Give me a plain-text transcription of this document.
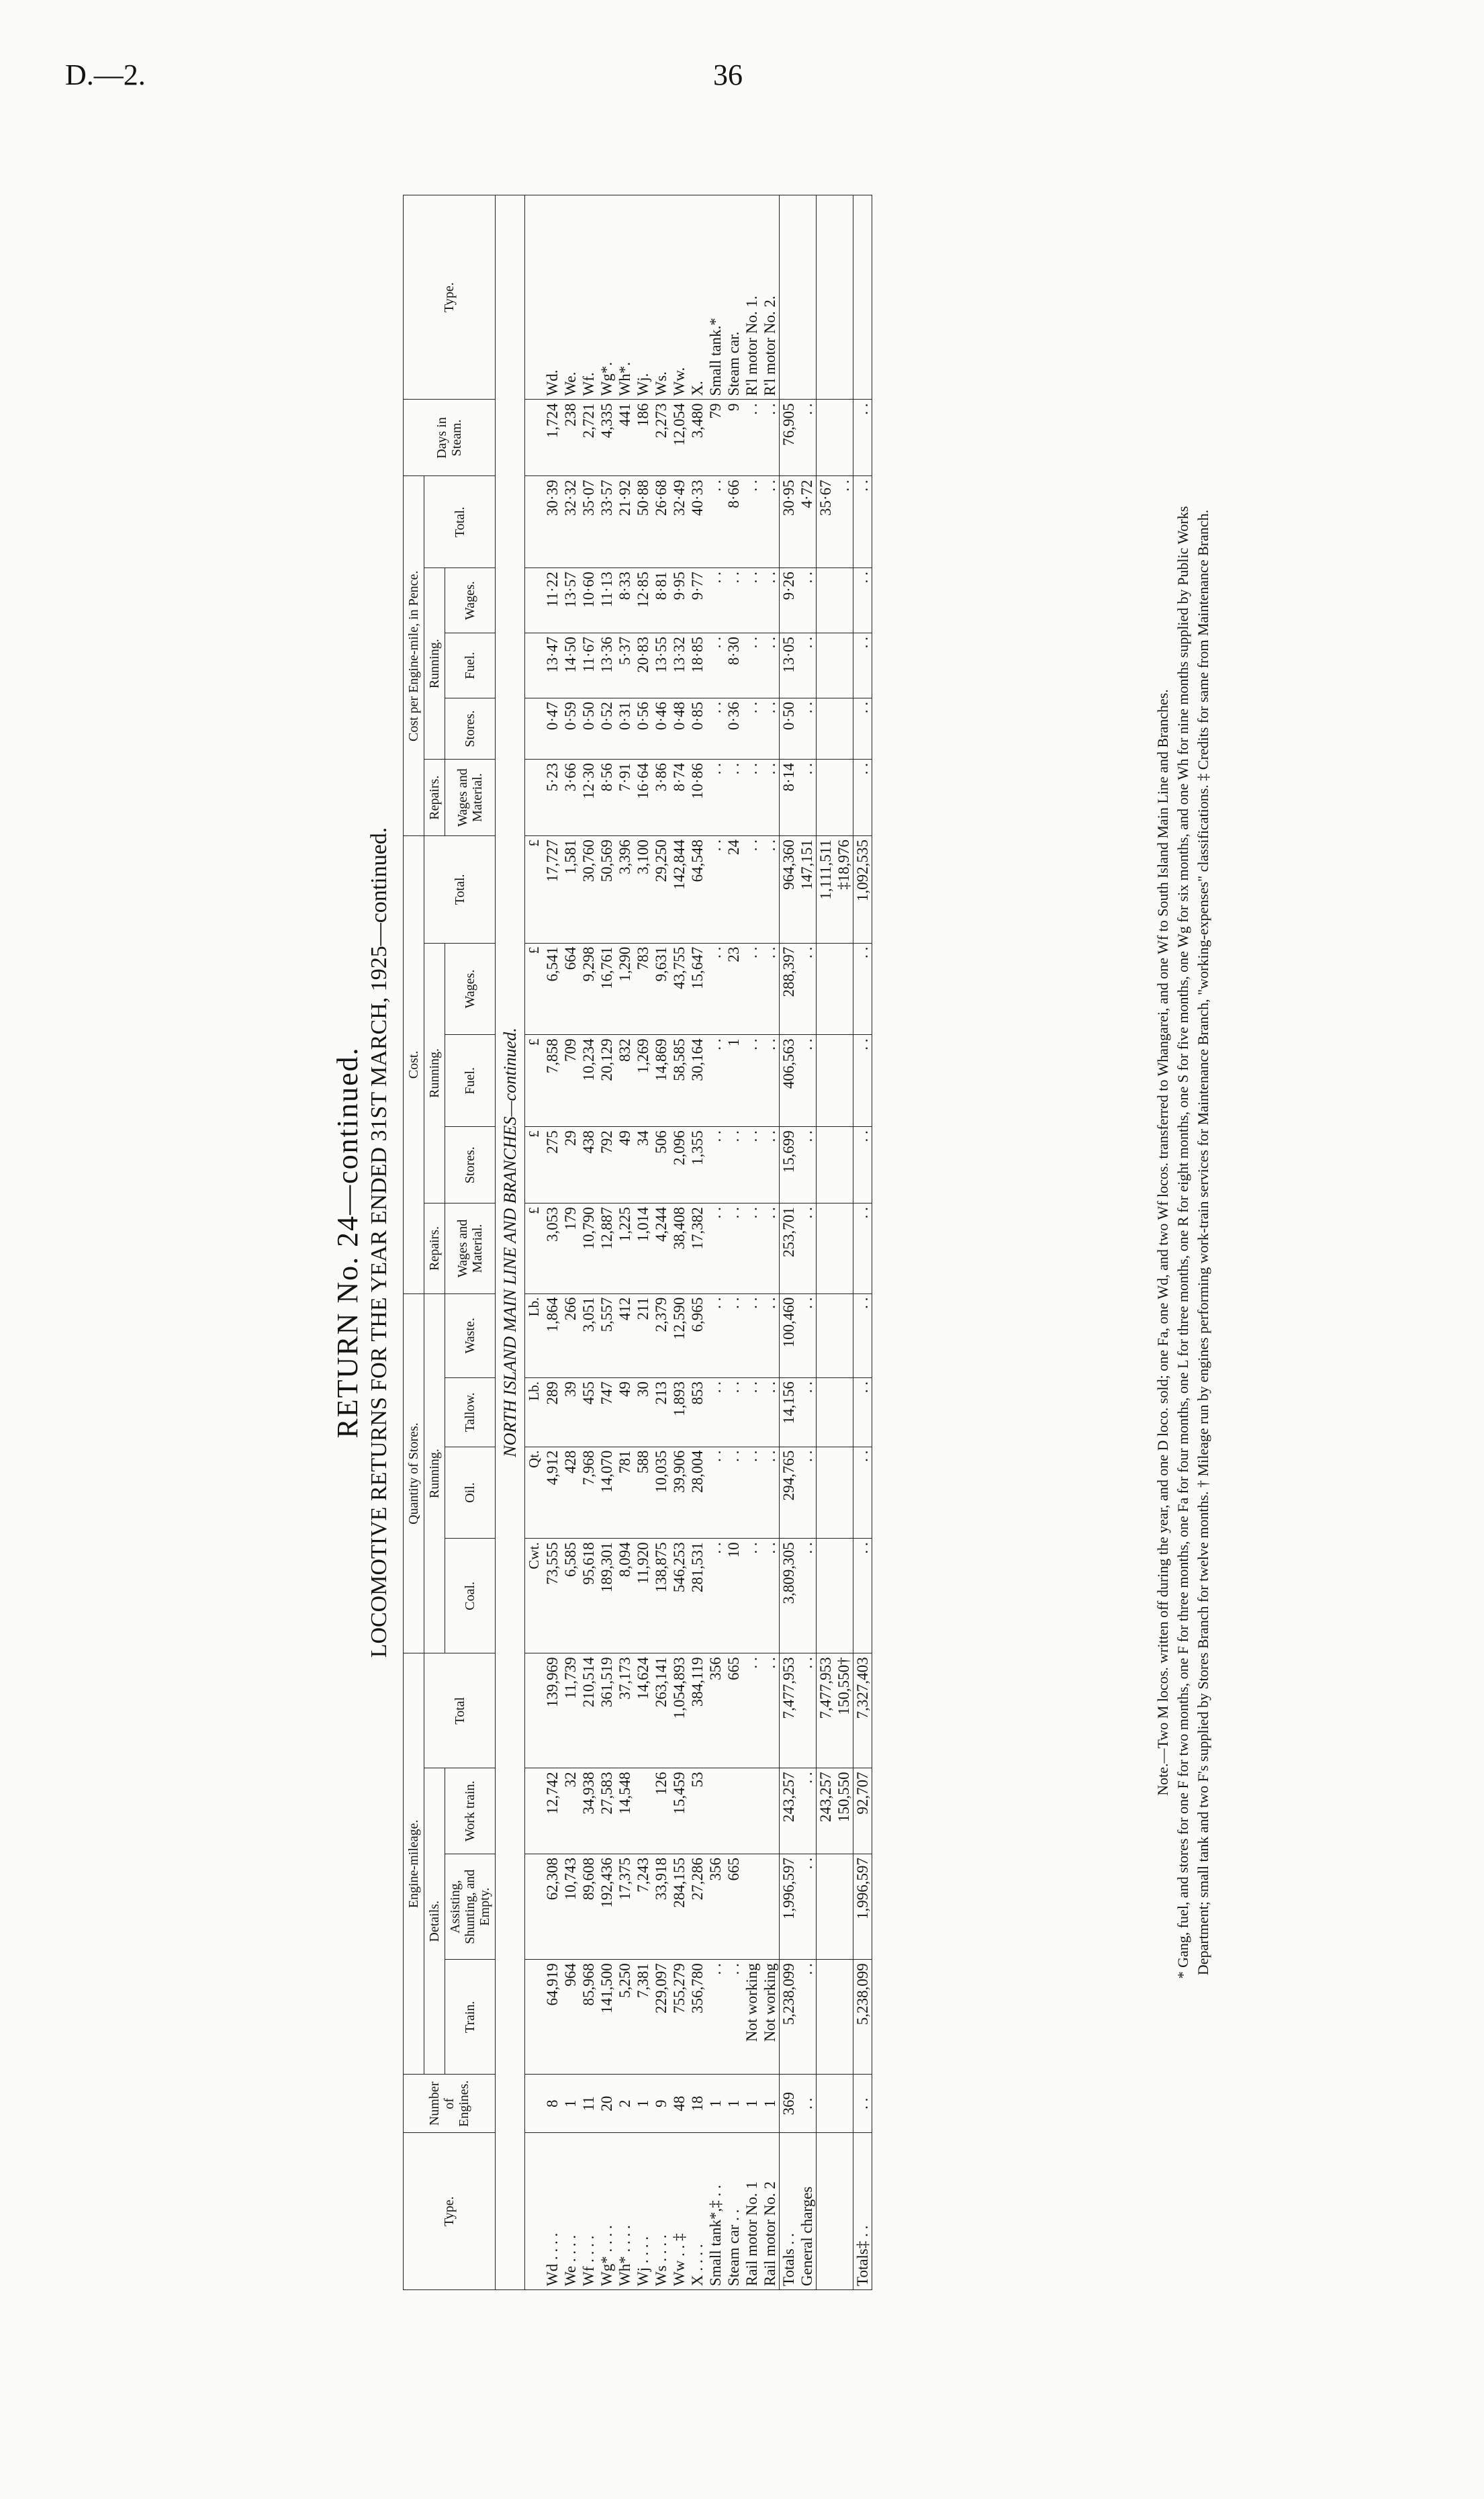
D.—2.	36
RETURN No. 24—continued. LOCOMOTIVE RETURNS FOR THE YEAR ENDED 31ST MARCH, 1925—continued.
Type.	Number of Engines.	Engine-mileage.				Quantity of Stores.				Cost.					Cost per Engine-mile, in Pence.					Days in Steam.	Type.
		Details.			Total	Running.				Repairs.	Running.			Total.	Repairs.	Running.			Total.		
		Train.	Assisting, Shunting, and Empty.	Work train.		Coal.	Oil.	Tallow.	Waste.	Wages and Material.	Stores.	Fuel.	Wages.		Wages and Material.	Stores.	Fuel.	Wages.			
NORTH ISLAND MAIN LINE AND BRANCHES—continued.																					
						Cwt.	Qt.	Lb.	Lb.	£	£	£	£	£							
Wd . . . .	8	64,919	62,308	12,742	139,969	73,555	4,912	289	1,864	3,053	275	7,858	6,541	17,727	5·23	0·47	13·47	11·22	30·39	1,724	Wd.
We . . . .	1	964	10,743	32	11,739	6,585	428	39	266	179	29	709	664	1,581	3·66	0·59	14·50	13·57	32·32	238	We.
Wf . . . .	11	85,968	89,608	34,938	210,514	95,618	7,968	455	3,051	10,790	438	10,234	9,298	30,760	12·30	0·50	11·67	10·60	35·07	2,721	Wf.
Wg* . . . .	20	141,500	192,436	27,583	361,519	189,301	14,070	747	5,557	12,887	792	20,129	16,761	50,569	8·56	0·52	13·36	11·13	33·57	4,335	Wg*.
Wh* . . . .	2	5,250	17,375	14,548	37,173	8,094	781	49	412	1,225	49	832	1,290	3,396	7·91	0·31	5·37	8·33	21·92	441	Wh*.
Wj . . . .	1	7,381	7,243		14,624	11,920	588	30	211	1,014	34	1,269	783	3,100	16·64	0·56	20·83	12·85	50·88	186	Wj.
Ws . . . .	9	229,097	33,918	126	263,141	138,875	10,035	213	2,379	4,244	506	14,869	9,631	29,250	3·86	0·46	13·55	8·81	26·68	2,273	Ws.
Ww . . ‡	48	755,279	284,155	15,459	1,054,893	546,253	39,906	1,893	12,590	38,408	2,096	58,585	43,755	142,844	8·74	0·48	13·32	9·95	32·49	12,054	Ww.
X . . . .	18	356,780	27,286	53	384,119	281,531	28,004	853	6,965	17,382	1,355	30,164	15,647	64,548	10·86	0·85	18·85	9·77	40·33	3,480	X.
Small tank*,‡ . .	1	. .	356		356	. .	. .	. .	. .	. .	. .	. .	. .	. .	. .	. .	. .	. .	. .	79	Small tank.*
Steam car . .	1	. .	665		665	10	. .	. .	. .	. .	. .	1	23	24	. .	0·36	8·30	. .	8·66	9	Steam car.
Rail motor No. 1	1	Not working			. .	. .	. .	. .	. .	. .	. .	. .	. .	. .	. .	. .	. .	. .	. .	. .	R'l motor No. 1.
Rail motor No. 2	1	Not working			. .	. .	. .	. .	. .	. .	. .	. .	. .	. .	. .	. .	. .	. .	. .	. .	R'l motor No. 2.
Totals . .	369	5,238,099	1,996,597	243,257	7,477,953	3,809,305	294,765	14,156	100,460	253,701	15,699	406,563	288,397	964,360	8·14	0·50	13·05	9·26	30·95	76,905	
General charges	. .	. .	. .	. .	. .	. .	. .	. .	. .	. .	. .	. .	. .	147,151	. .	. .	. .	. .	4·72	. .	
				243,257	7,477,953									1,111,511					35·67		
				150,550	150,550†									‡18,976					. .		
Totals‡ . .	. .	5,238,099	1,996,597	92,707	7,327,403	. .	. .	. .	. .	. .	. .	. .	. .	1,092,535	. .	. .	. .	. .	. .	. .	

Note.—Two M locos. written off during the year, and one D loco. sold; one Fa, one Wd, and two Wf locos. transferred to Whangarei, and one Wf to South Island Main Line and Branches. * Gang, fuel, and stores for one F for two months, one F for three months, one Fa for four months, one L for three months, one R for eight months, one S for five months, one Wg for six months, and one Wh for nine months supplied by Public Works Department; small tank and two F's supplied by Stores Branch for twelve months. † Mileage run by engines performing work-train services for Maintenance Branch, "working-expenses" classifications. ‡ Credits for same from Maintenance Branch.
